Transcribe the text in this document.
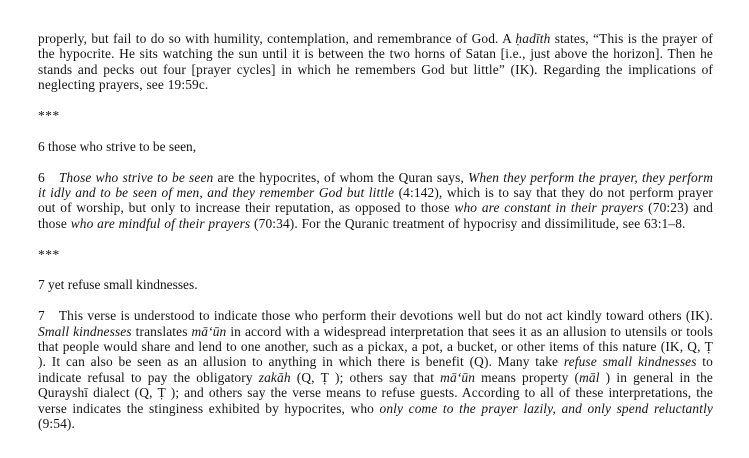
properly, but fail to do so with humility, contemplation, and remembrance of God. A ḥadīth states, “This is the prayer of the hypocrite. He sits watching the sun until it is between the two horns of Satan [i.e., just above the horizon]. Then he stands and pecks out four [prayer cycles] in which he remembers God but little” (IK). Regarding the implications of neglecting prayers, see 19:59c.

***

6 those who strive to be seen,

6 Those who strive to be seen are the hypocrites, of whom the Quran says, When they perform the prayer, they perform it idly and to be seen of men, and they remember God but little (4:142), which is to say that they do not perform prayer out of worship, but only to increase their reputation, as opposed to those who are constant in their prayers (70:23) and those who are mindful of their prayers (70:34). For the Quranic treatment of hypocrisy and dissimilitude, see 63:1–8.

***

7 yet refuse small kindnesses.

7 This verse is understood to indicate those who perform their devotions well but do not act kindly toward others (IK). Small kindnesses translates māʻūn in accord with a widespread interpretation that sees it as an allusion to utensils or tools that people would share and lend to one another, such as a pickax, a pot, a bucket, or other items of this nature (IK, Q, Ṭ ). It can also be seen as an allusion to anything in which there is benefit (Q). Many take refuse small kindnesses to indicate refusal to pay the obligatory zakāh (Q, Ṭ ); others say that māʻūn means property (māl ) in general in the Qurayshī dialect (Q, Ṭ ); and others say the verse means to refuse guests. According to all of these interpretations, the verse indicates the stinginess exhibited by hypocrites, who only come to the prayer lazily, and only spend reluctantly (9:54).
